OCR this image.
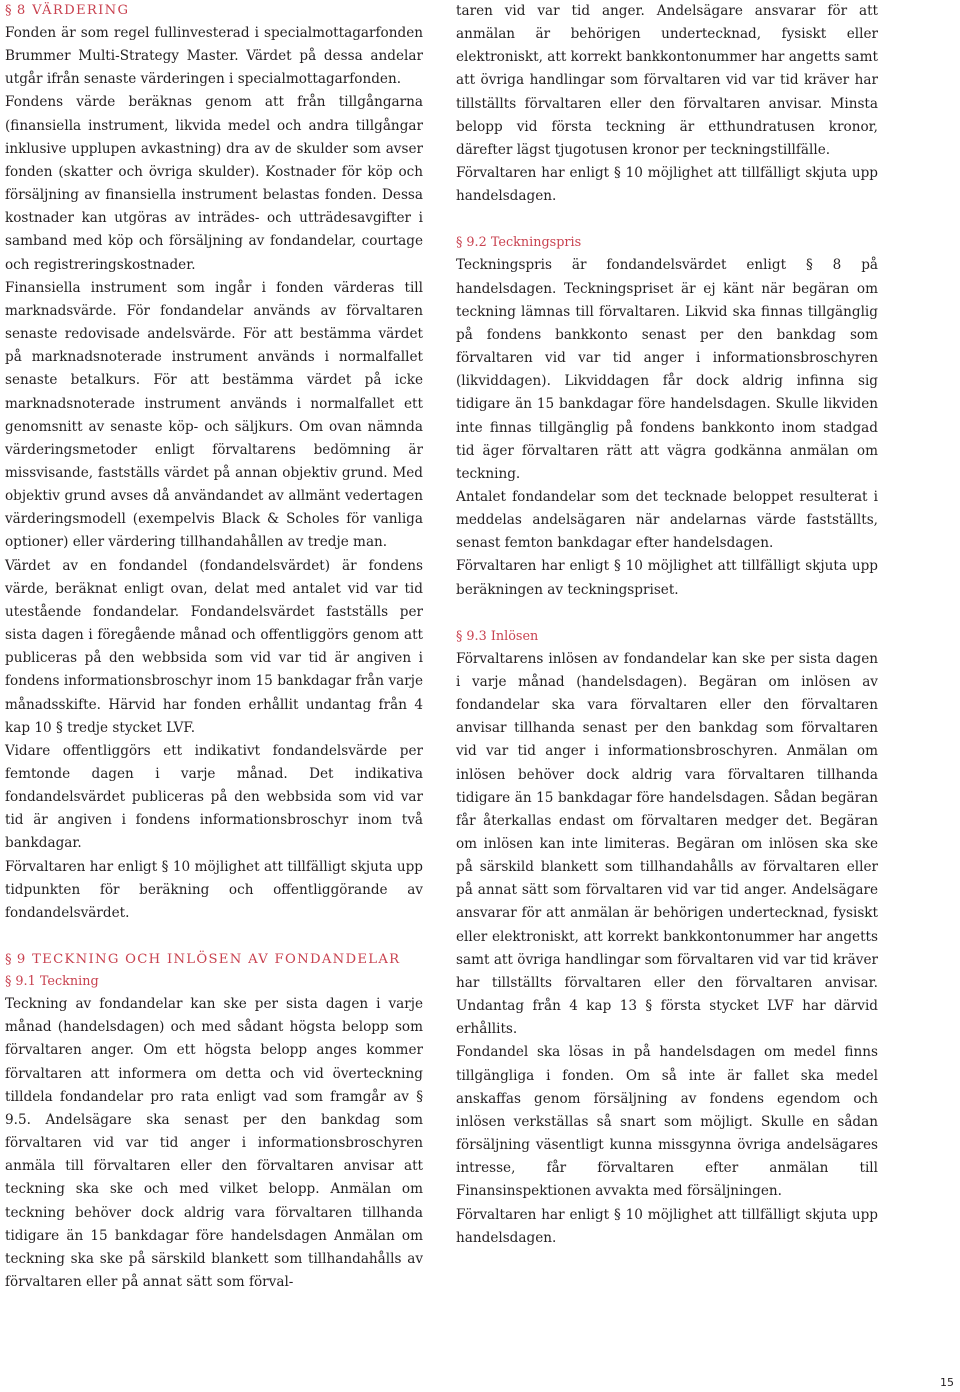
§ 8 VÄRDERING

Fonden är som regel fullinvesterad i specialmottagarfonden Brummer Multi-Strategy Master. Värdet på dessa andelar utgår ifrån senaste värderingen i specialmottagarfonden.

Fondens värde beräknas genom att från tillgångarna (finansiella instrument, likvida medel och andra tillgångar inklusive upplupen avkastning) dra av de skulder som avser fonden (skatter och övriga skulder). Kostnader för köp och försäljning av finansiella instrument belastas fonden. Dessa kostnader kan utgöras av inträdes- och utträdesavgifter i samband med köp och försäljning av fondandelar, courtage och registreringskostnader.

Finansiella instrument som ingår i fonden värderas till marknadsvärde. För fondandelar används av förvaltaren senaste redovisade andelsvärde. För att bestämma värdet på marknadsnoterade instrument används i normalfallet senaste betalkurs. För att bestämma värdet på icke marknadsnoterade instrument används i normalfallet ett genomsnitt av senaste köp- och säljkurs. Om ovan nämnda värderingsmetoder enligt förvaltarens bedömning är missvisande, fastställs värdet på annan objektiv grund. Med objektiv grund avses då användandet av allmänt vedertagen värderingsmodell (exempelvis Black & Scholes för vanliga optioner) eller värdering tillhandahållen av tredje man.

Värdet av en fondandel (fondandelsvärdet) är fondens värde, beräknat enligt ovan, delat med antalet vid var tid utestående fondandelar. Fondandelsvärdet fastställs per sista dagen i föregående månad och offentliggörs genom att publiceras på den webbsida som vid var tid är angiven i fondens informationsbroschyr inom 15 bankdagar från varje månadsskifte. Härvid har fonden erhållit undantag från 4 kap 10 § tredje stycket LVF.

Vidare offentliggörs ett indikativt fondandelsvärde per femtonde dagen i varje månad. Det indikativa fondandelsvärdet publiceras på den webbsida som vid var tid är angiven i fondens informationsbroschyr inom två bankdagar.

Förvaltaren har enligt § 10 möjlighet att tillfälligt skjuta upp tidpunkten för beräkning och offentliggörande av fondandelsvärdet.

§ 9 TECKNING OCH INLÖSEN AV FONDANDELAR
§ 9.1 Teckning

Teckning av fondandelar kan ske per sista dagen i varje månad (handelsdagen) och med sådant högsta belopp som förvaltaren anger. Om ett högsta belopp anges kommer förvaltaren att informera om detta och vid överteckning tilldela fondandelar pro rata enligt vad som framgår av § 9.5. Andelsägare ska senast per den bankdag som förvaltaren vid var tid anger i informationsbroschyren anmäla till förvaltaren eller den förvaltaren anvisar att teckning ska ske och med vilket belopp. Anmälan om teckning behöver dock aldrig vara förvaltaren tillhanda tidigare än 15 bankdagar före handelsdagen Anmälan om teckning ska ske på särskild blankett som tillhandahålls av förvaltaren eller på annat sätt som förval-

taren vid var tid anger. Andelsägare ansvarar för att anmälan är behörigen undertecknad, fysiskt eller elektroniskt, att korrekt bankkontonummer har angetts samt att övriga handlingar som förvaltaren vid var tid kräver har tillställts förvaltaren eller den förvaltaren anvisar. Minsta belopp vid första teckning är etthundratusen kronor, därefter lägst tjugotusen kronor per teckningstillfälle.

Förvaltaren har enligt § 10 möjlighet att tillfälligt skjuta upp handelsdagen.

§ 9.2 Teckningspris

Teckningspris är fondandelsvärdet enligt § 8 på handelsdagen. Teckningspriset är ej känt när begäran om teckning lämnas till förvaltaren. Likvid ska finnas tillgänglig på fondens bankkonto senast per den bankdag som förvaltaren vid var tid anger i informationsbroschyren (likviddagen). Likviddagen får dock aldrig infinna sig tidigare än 15 bankdagar före handelsdagen. Skulle likviden inte finnas tillgänglig på fondens bankkonto inom stadgad tid äger förvaltaren rätt att vägra godkänna anmälan om teckning.

Antalet fondandelar som det tecknade beloppet resulterat i meddelas andelsägaren när andelarnas värde fastställts, senast femton bankdagar efter handelsdagen.

Förvaltaren har enligt § 10 möjlighet att tillfälligt skjuta upp beräkningen av teckningspriset.

§ 9.3 Inlösen

Förvaltarens inlösen av fondandelar kan ske per sista dagen i varje månad (handelsdagen). Begäran om inlösen av fondandelar ska vara förvaltaren eller den förvaltaren anvisar tillhanda senast per den bankdag som förvaltaren vid var tid anger i informationsbroschyren. Anmälan om inlösen behöver dock aldrig vara förvaltaren tillhanda tidigare än 15 bankdagar före handelsdagen. Sådan begäran får återkallas endast om förvaltaren medger det. Begäran om inlösen kan inte limiteras. Begäran om inlösen ska ske på särskild blankett som tillhandahålls av förvaltaren eller på annat sätt som förvaltaren vid var tid anger. Andelsägare ansvarar för att anmälan är behörigen undertecknad, fysiskt eller elektroniskt, att korrekt bankkontonummer har angetts samt att övriga handlingar som förvaltaren vid var tid kräver har tillställts förvaltaren eller den förvaltaren anvisar. Undantag från 4 kap 13 § första stycket LVF har därvid erhållits.

Fondandel ska lösas in på handelsdagen om medel finns tillgängliga i fonden. Om så inte är fallet ska medel anskaffas genom försäljning av fondens egendom och inlösen verkställas så snart som möjligt. Skulle en sådan försäljning väsentligt kunna missgynna övriga andelsägares intresse, får förvaltaren efter anmälan till Finansinspektionen avvakta med försäljningen.

Förvaltaren har enligt § 10 möjlighet att tillfälligt skjuta upp handelsdagen.

15
